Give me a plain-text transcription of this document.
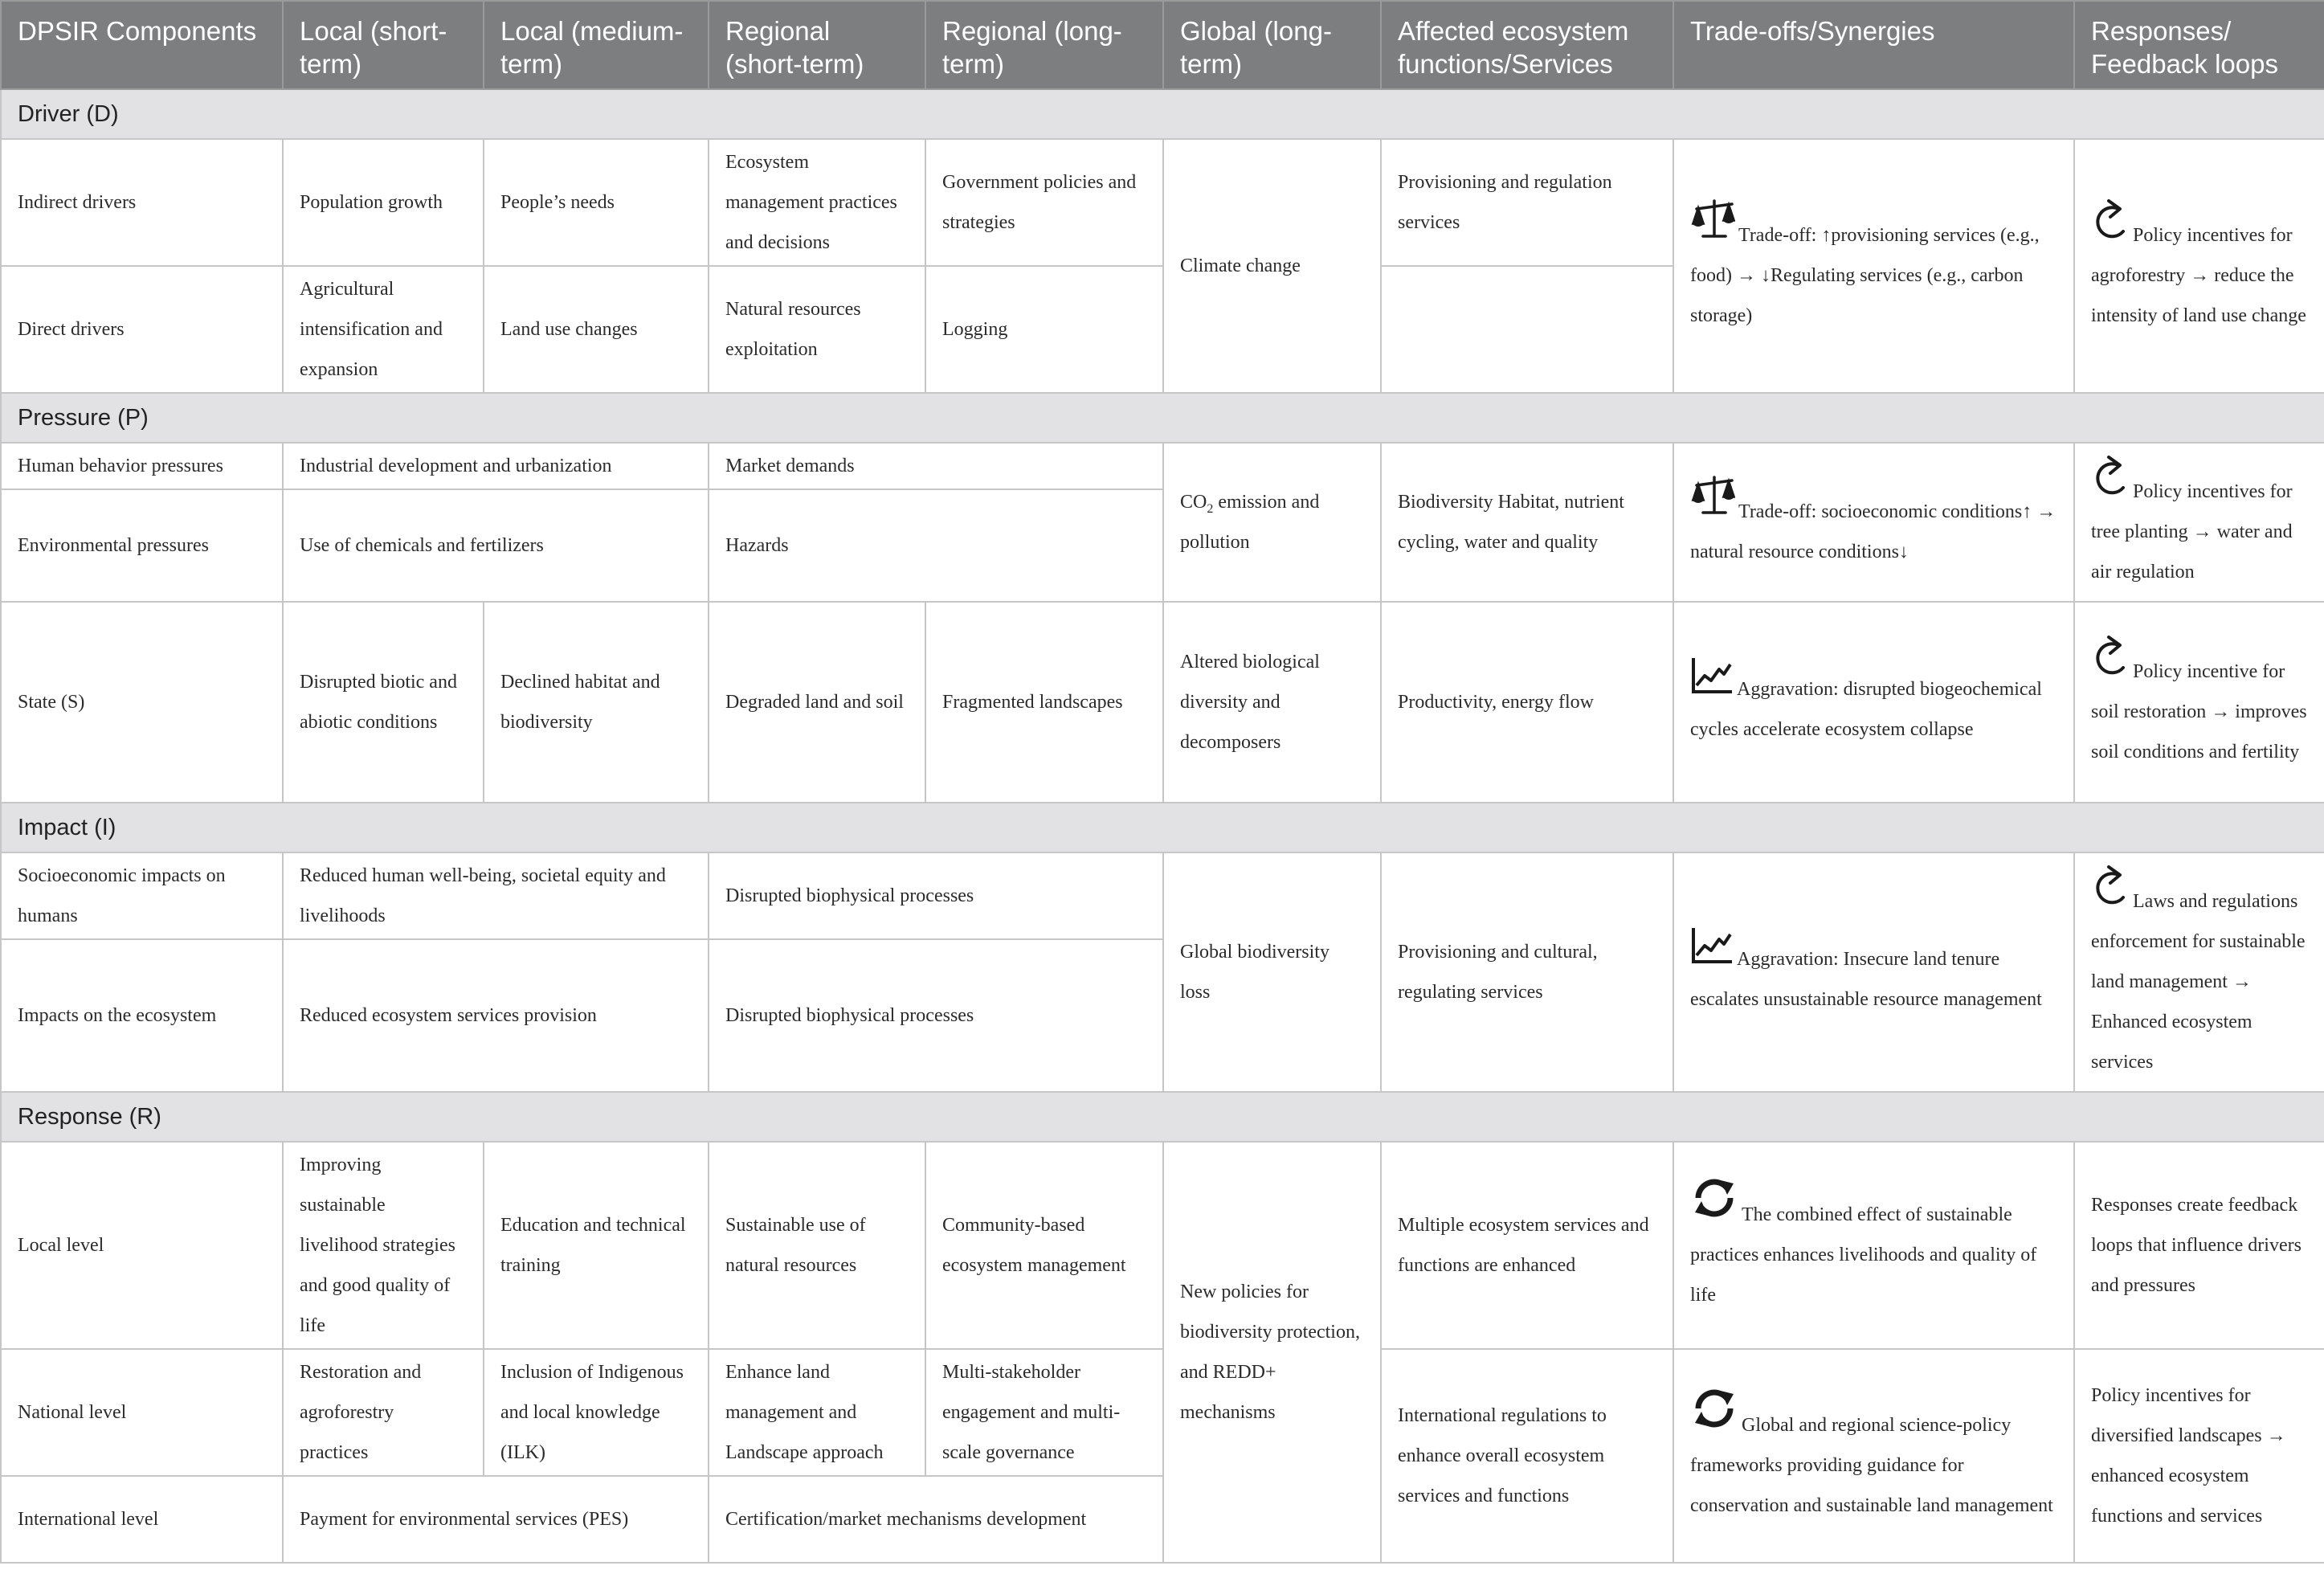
DPSIR Components	Local (short-term)	Local (medium-term)	Regional (short-term)	Regional (long-term)	Global (long-term)	Affected ecosystem functions/Services	Trade-offs/Synergies	Responses/ Feedback loops
Driver (D)								
Indirect drivers	Population growth	People’s needs	Ecosystem management practices and decisions	Government policies and strategies	Climate change	Provisioning and regulation services	Trade-off: ↑provisioning services (e.g., food) → ↓Regulating services (e.g., carbon storage)	Policy incentives for agroforestry → reduce the intensity of land use change
Direct drivers	Agricultural intensification and expansion	Land use changes	Natural resources exploitation	Logging				
Pressure (P)								
Human behavior pressures	Industrial development and urbanization		Market demands		$CO_2$ emission and pollution	Biodiversity Habitat, nutrient cycling, water and quality	Trade-off: socioeconomic conditions↑ → natural resource conditions↓	Policy incentives for tree planting → water and air regulation
Environmental pressures	Use of chemicals and fertilizers		Hazards					
State (S)	Disrupted biotic and abiotic conditions	Declined habitat and biodiversity	Degraded land and soil	Fragmented landscapes	Altered biological diversity and decomposers	Productivity, energy flow	Aggravation: disrupted biogeochemical cycles accelerate ecosystem collapse	Policy incentive for soil restoration → improves soil conditions and fertility
Impact (I)								
Socioeconomic impacts on humans	Reduced human well-being, societal equity and livelihoods		Disrupted biophysical processes		Global biodiversity loss	Provisioning and cultural, regulating services	Aggravation: Insecure land tenure escalates unsustainable resource management	Laws and regulations enforcement for sustainable land management → Enhanced ecosystem services
Impacts on the ecosystem	Reduced ecosystem services provision		Disrupted biophysical processes					
Response (R)								
Local level	Improving sustainable livelihood strategies and good quality of life	Education and technical training	Sustainable use of natural resources	Community-based ecosystem management	New policies for biodiversity protection, and REDD+ mechanisms	Multiple ecosystem services and functions are enhanced	The combined effect of sustainable practices enhances livelihoods and quality of life	Responses create feedback loops that influence drivers and pressures
National level	Restoration and agroforestry practices	Inclusion of Indigenous and local knowledge (ILK)	Enhance land management and Landscape approach	Multi-stakeholder engagement and multi-scale governance		International regulations to enhance overall ecosystem services and functions	Global and regional science-policy frameworks providing guidance for conservation and sustainable land management	Policy incentives for diversified landscapes → enhanced ecosystem functions and services
International level	Payment for environmental services (PES)		Certification/market mechanisms development					
